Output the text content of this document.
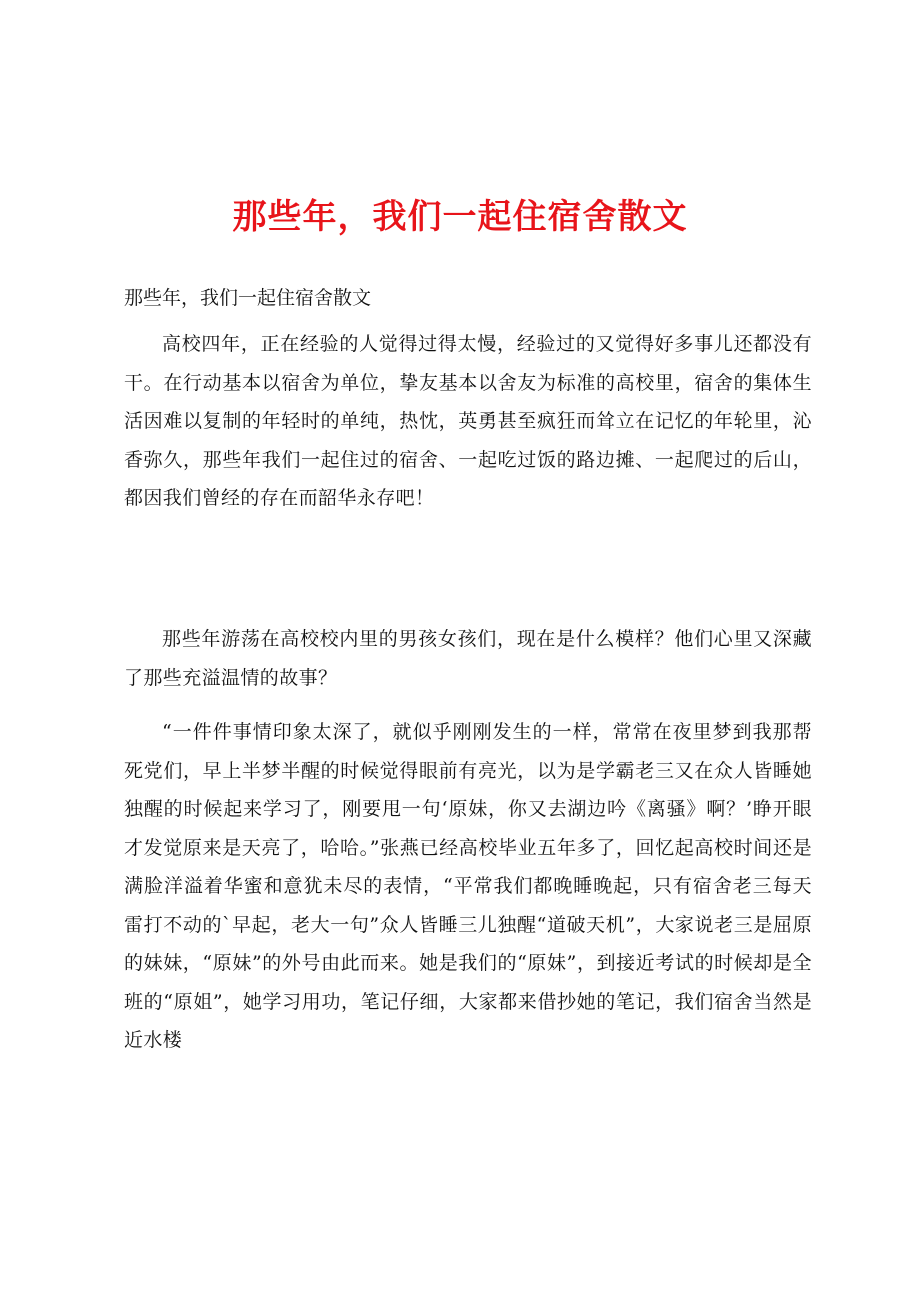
那些年，我们一起住宿舍散文

那些年，我们一起住宿舍散文

高校四年，正在经验的人觉得过得太慢，经验过的又觉得好多事儿还都没有干。在行动基本以宿舍为单位，挚友基本以舍友为标准的高校里，宿舍的集体生活因难以复制的年轻时的单纯，热忱，英勇甚至疯狂而耸立在记忆的年轮里，沁香弥久，那些年我们一起住过的宿舍、一起吃过饭的路边摊、一起爬过的后山，都因我们曾经的存在而韶华永存吧！

那些年游荡在高校校内里的男孩女孩们，现在是什么模样？他们心里又深藏了那些充溢温情的故事？

“一件件事情印象太深了，就似乎刚刚发生的一样，常常在夜里梦到我那帮死党们，早上半梦半醒的时候觉得眼前有亮光，以为是学霸老三又在众人皆睡她独醒的时候起来学习了，刚要甩一句‘原妹，你又去湖边吟《离骚》啊？’睁开眼才发觉原来是天亮了，哈哈。”张燕已经高校毕业五年多了，回忆起高校时间还是满脸洋溢着华蜜和意犹未尽的表情，“平常我们都晚睡晚起，只有宿舍老三每天雷打不动的`早起，老大一句”众人皆睡三儿独醒“道破天机”，大家说老三是屈原的妹妹，“原妹”的外号由此而来。她是我们的“原妹”，到接近考试的时候却是全班的“原姐”，她学习用功，笔记仔细，大家都来借抄她的笔记，我们宿舍当然是近水楼
